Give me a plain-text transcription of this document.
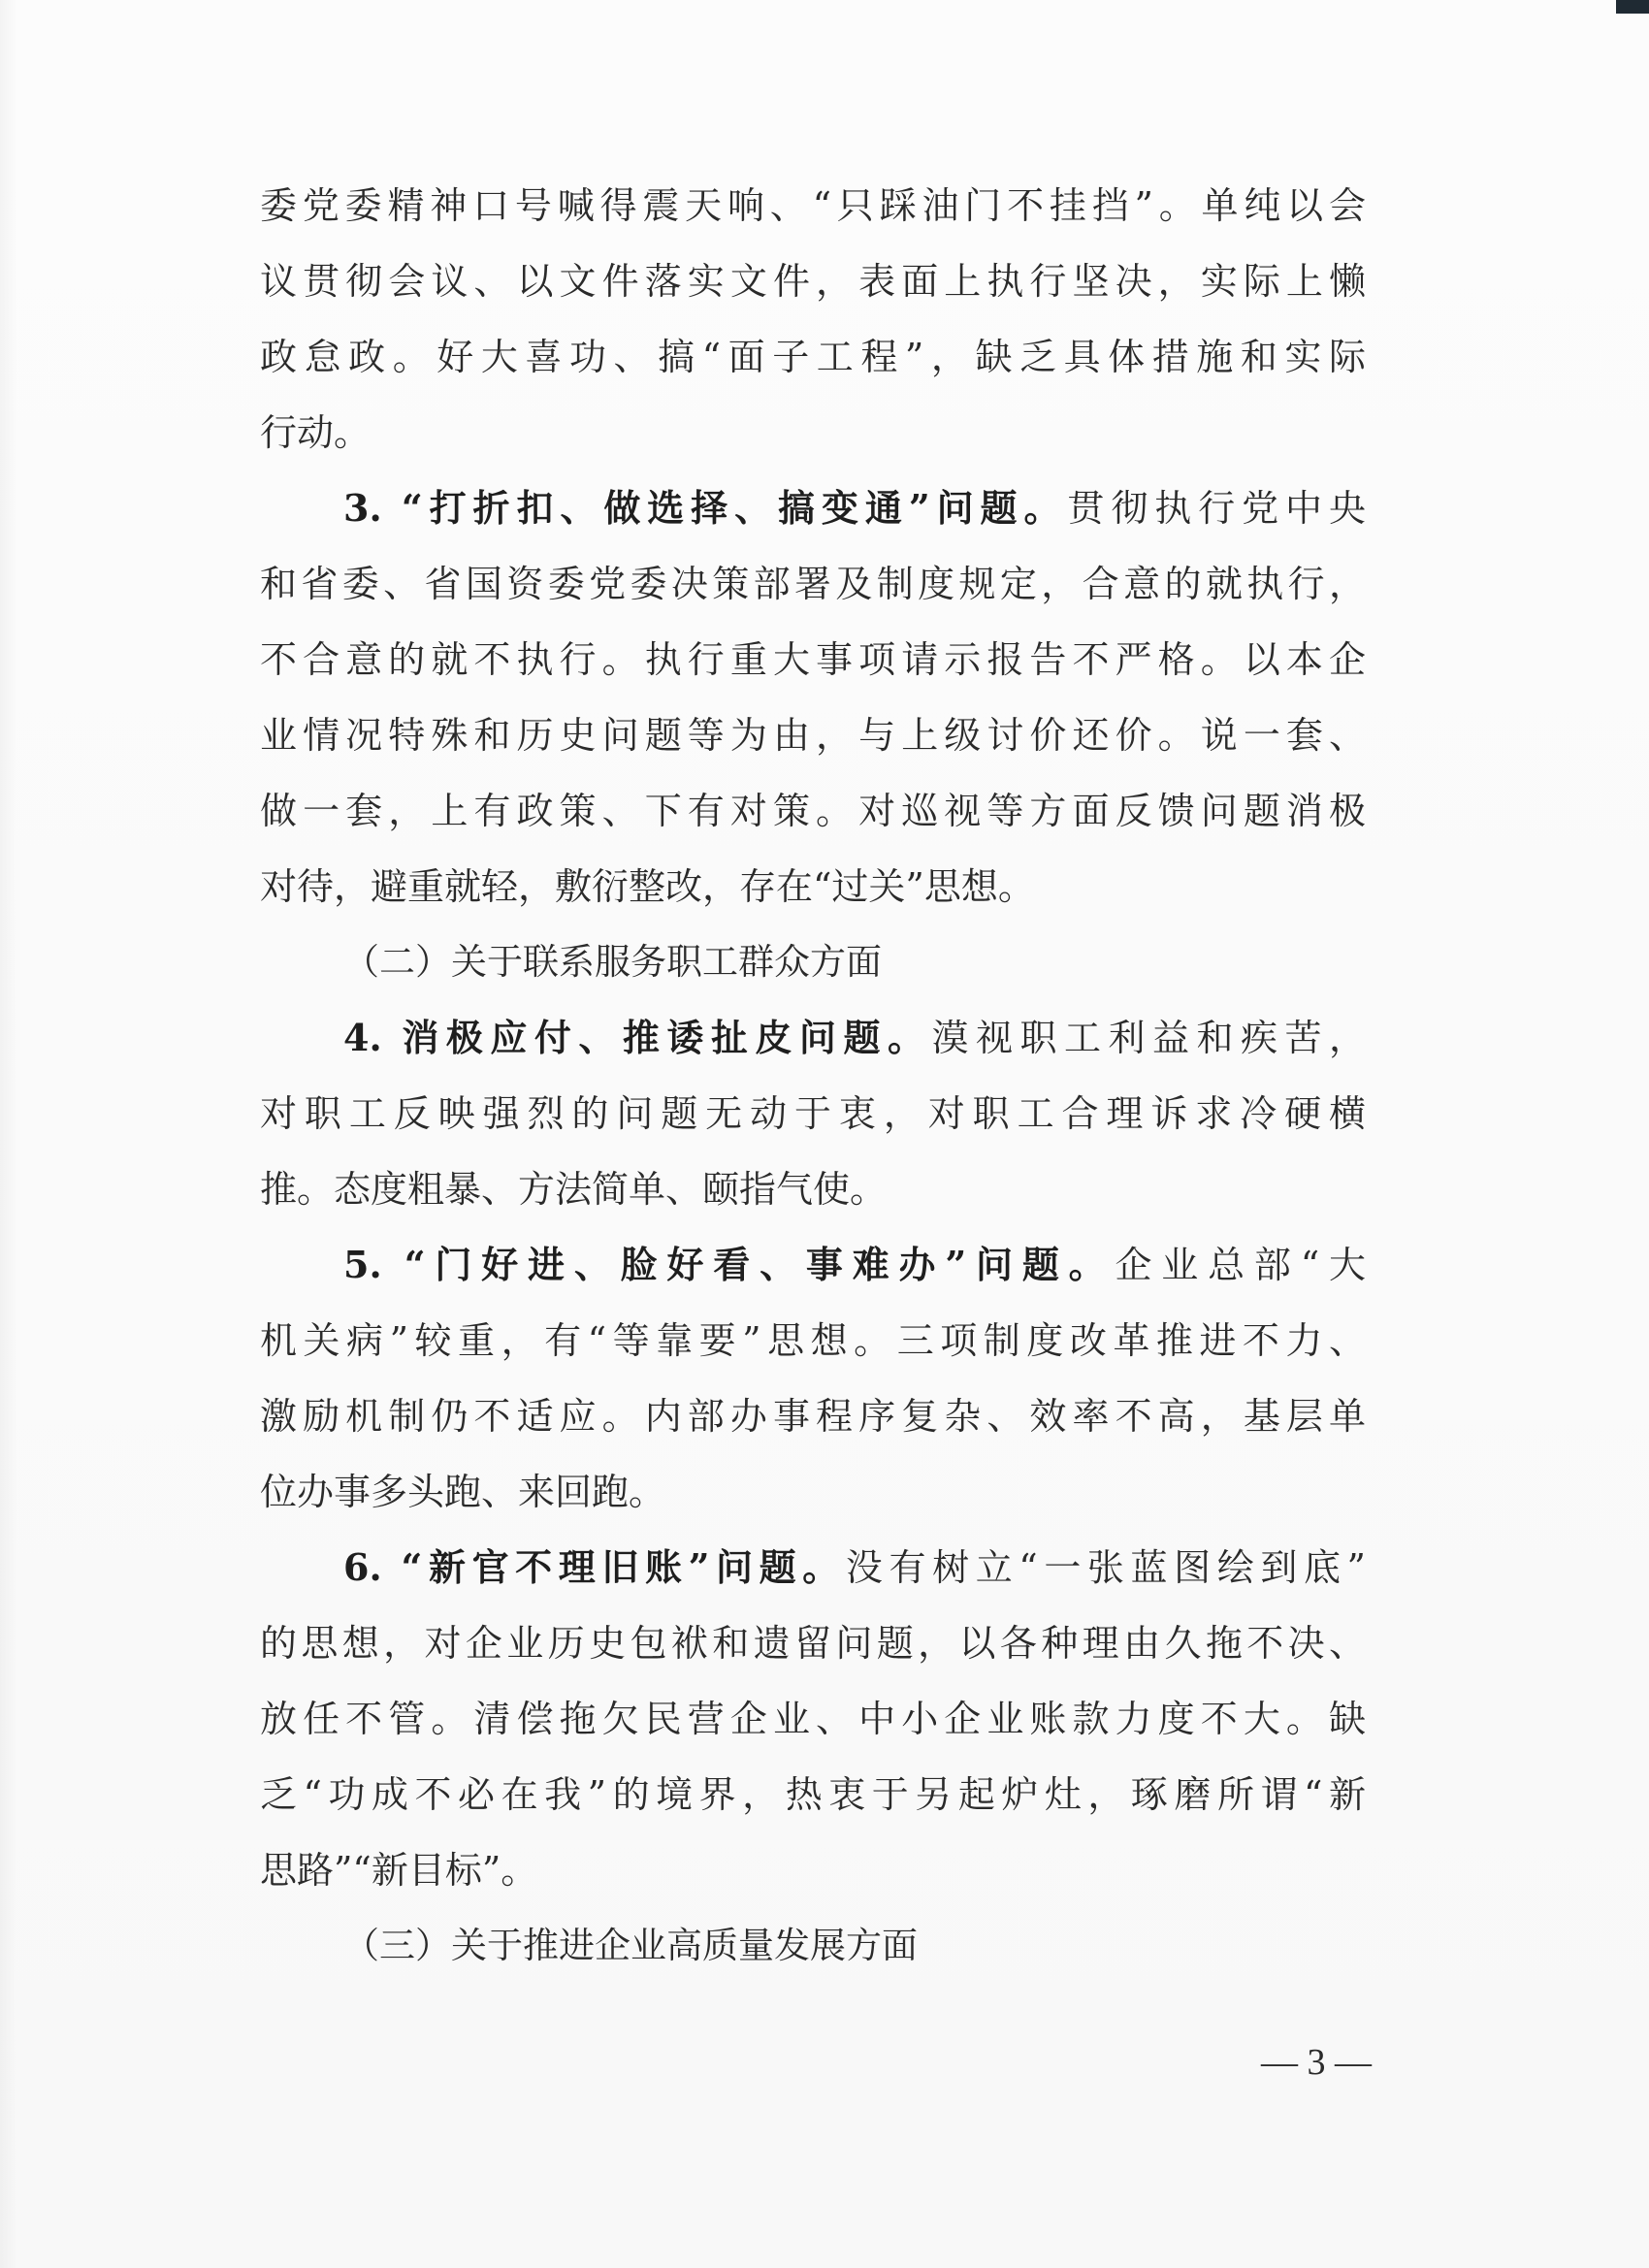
委党委精神口号喊得震天响、“只踩油门不挂挡”。单纯以会
议贯彻会议、以文件落实文件，表面上执行坚决，实际上懒
政怠政。好大喜功、搞“面子工程”，缺乏具体措施和实际
行动。
3. “打折扣、做选择、搞变通”问题。贯彻执行党中央
和省委、省国资委党委决策部署及制度规定，合意的就执行，
不合意的就不执行。执行重大事项请示报告不严格。以本企
业情况特殊和历史问题等为由，与上级讨价还价。说一套、
做一套，上有政策、下有对策。对巡视等方面反馈问题消极
对待，避重就轻，敷衍整改，存在“过关”思想。
（二）关于联系服务职工群众方面
4. 消极应付、推诿扯皮问题。漠视职工利益和疾苦，
对职工反映强烈的问题无动于衷，对职工合理诉求冷硬横
推。态度粗暴、方法简单、颐指气使。
5. “门好进、脸好看、事难办”问题。企业总部“大
机关病”较重，有“等靠要”思想。三项制度改革推进不力、
激励机制仍不适应。内部办事程序复杂、效率不高，基层单
位办事多头跑、来回跑。
6. “新官不理旧账”问题。没有树立“一张蓝图绘到底”
的思想，对企业历史包袱和遗留问题，以各种理由久拖不决、
放任不管。清偿拖欠民营企业、中小企业账款力度不大。缺
乏“功成不必在我”的境界，热衷于另起炉灶，琢磨所谓“新
思路”“新目标”。
（三）关于推进企业高质量发展方面
— 3 —
